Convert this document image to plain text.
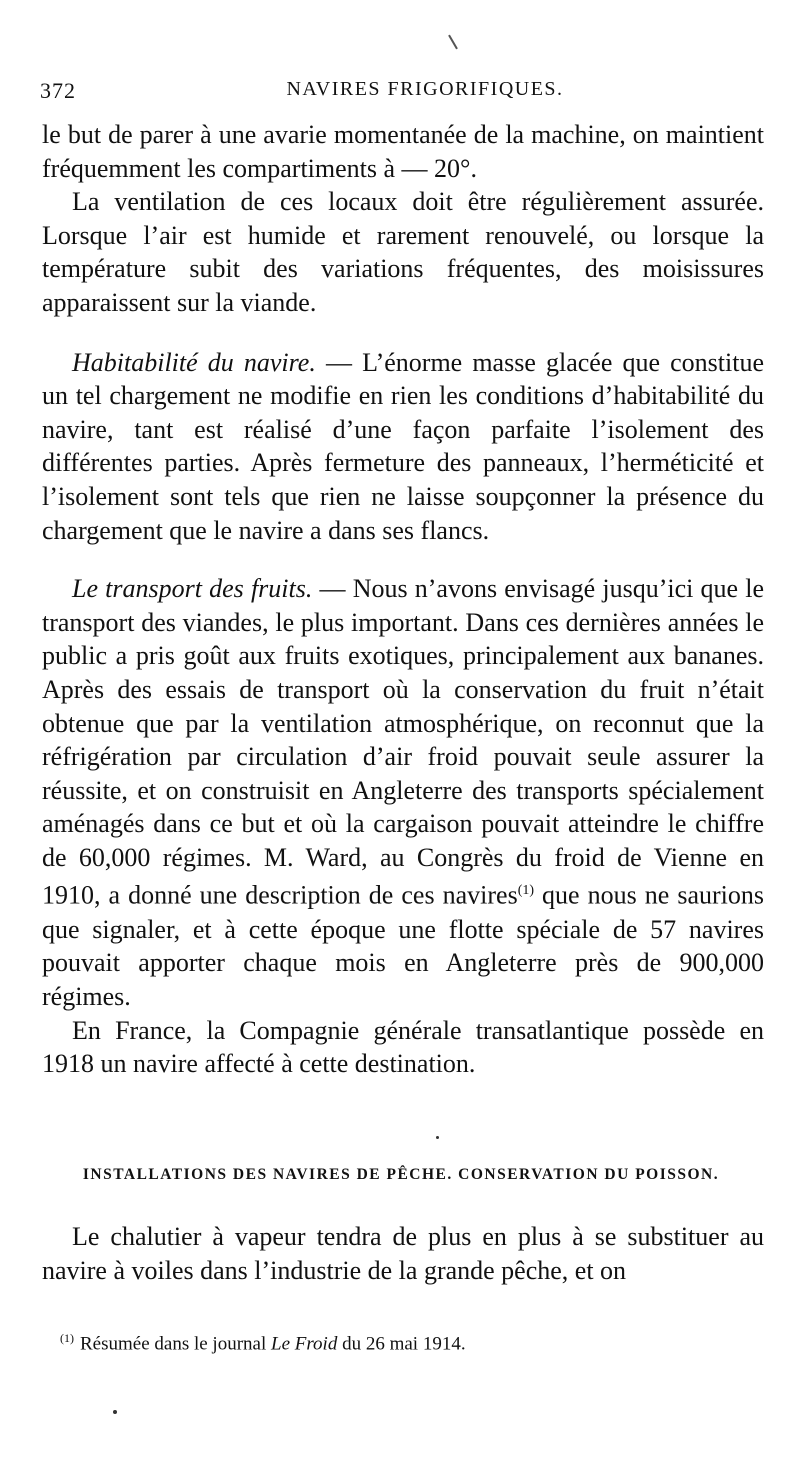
372	NAVIRES FRIGORIFIQUES.

le but de parer à une avarie momentanée de la machine, on maintient fréquemment les compartiments à — 20°.

La ventilation de ces locaux doit être régulièrement assurée. Lorsque l’air est humide et rarement renouvelé, ou lorsque la température subit des variations fréquentes, des moisissures apparaissent sur la viande.

Habitabilité du navire. — L’énorme masse glacée que constitue un tel chargement ne modifie en rien les conditions d’habitabilité du navire, tant est réalisé d’une façon parfaite l’isolement des différentes parties. Après fermeture des panneaux, l’herméticité et l’isolement sont tels que rien ne laisse soupçonner la présence du chargement que le navire a dans ses flancs.

Le transport des fruits. — Nous n’avons envisagé jusqu’ici que le transport des viandes, le plus important. Dans ces dernières années le public a pris goût aux fruits exotiques, principalement aux bananes. Après des essais de transport où la conservation du fruit n’était obtenue que par la ventilation atmosphérique, on reconnut que la réfrigération par circulation d’air froid pouvait seule assurer la réussite, et on construisit en Angleterre des transports spécialement aménagés dans ce but et où la cargaison pouvait atteindre le chiffre de 60,000 régimes. M. Ward, au Congrès du froid de Vienne en 1910, a donné une description de ces navires$^{(1)}$ que nous ne saurions que signaler, et à cette époque une flotte spéciale de 57 navires pouvait apporter chaque mois en Angleterre près de 900,000 régimes.

En France, la Compagnie générale transatlantique possède en 1918 un navire affecté à cette destination.

INSTALLATIONS DES NAVIRES DE PÊCHE. CONSERVATION DU POISSON.

Le chalutier à vapeur tendra de plus en plus à se substituer au navire à voiles dans l’industrie de la grande pêche, et on

$^{(1)}$ Résumée dans le journal Le Froid du 26 mai 1914.
